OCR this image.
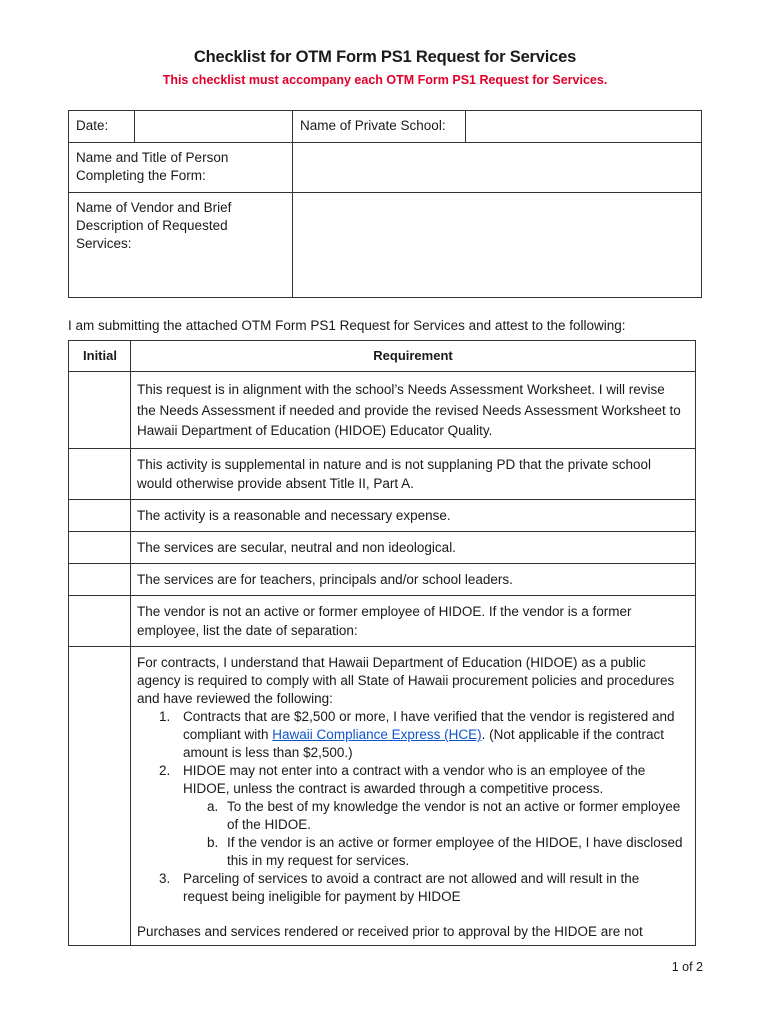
Checklist for OTM Form PS1 Request for Services
This checklist must accompany each OTM Form PS1 Request for Services.
Date:	Name of Private School:
Name and Title of Person
Completing the Form:
Name of Vendor and Brief
Description of Requested
Services:
I am submitting the attached OTM Form PS1 Request for Services and attest to the following:
Initial	Requirement
This request is in alignment with the school’s Needs Assessment Worksheet. I will revise the Needs Assessment if needed and provide the revised Needs Assessment Worksheet to Hawaii Department of Education (HIDOE) Educator Quality.
This activity is supplemental in nature and is not supplaning PD that the private school would otherwise provide absent Title II, Part A.
The activity is a reasonable and necessary expense.
The services are secular, neutral and non ideological.
The services are for teachers, principals and/or school leaders.
The vendor is not an active or former employee of HIDOE. If the vendor is a former employee, list the date of separation:
For contracts, I understand that Hawaii Department of Education (HIDOE) as a public agency is required to comply with all State of Hawaii procurement policies and procedures and have reviewed the following:
1. Contracts that are $2,500 or more, I have verified that the vendor is registered and compliant with Hawaii Compliance Express (HCE). (Not applicable if the contract amount is less than $2,500.)
2. HIDOE may not enter into a contract with a vendor who is an employee of the HIDOE, unless the contract is awarded through a competitive process.
a. To the best of my knowledge the vendor is not an active or former employee of the HIDOE.
b. If the vendor is an active or former employee of the HIDOE, I have disclosed this in my request for services.
3. Parceling of services to avoid a contract are not allowed and will result in the request being ineligible for payment by HIDOE
Purchases and services rendered or received prior to approval by the HIDOE are not
1 of 2
